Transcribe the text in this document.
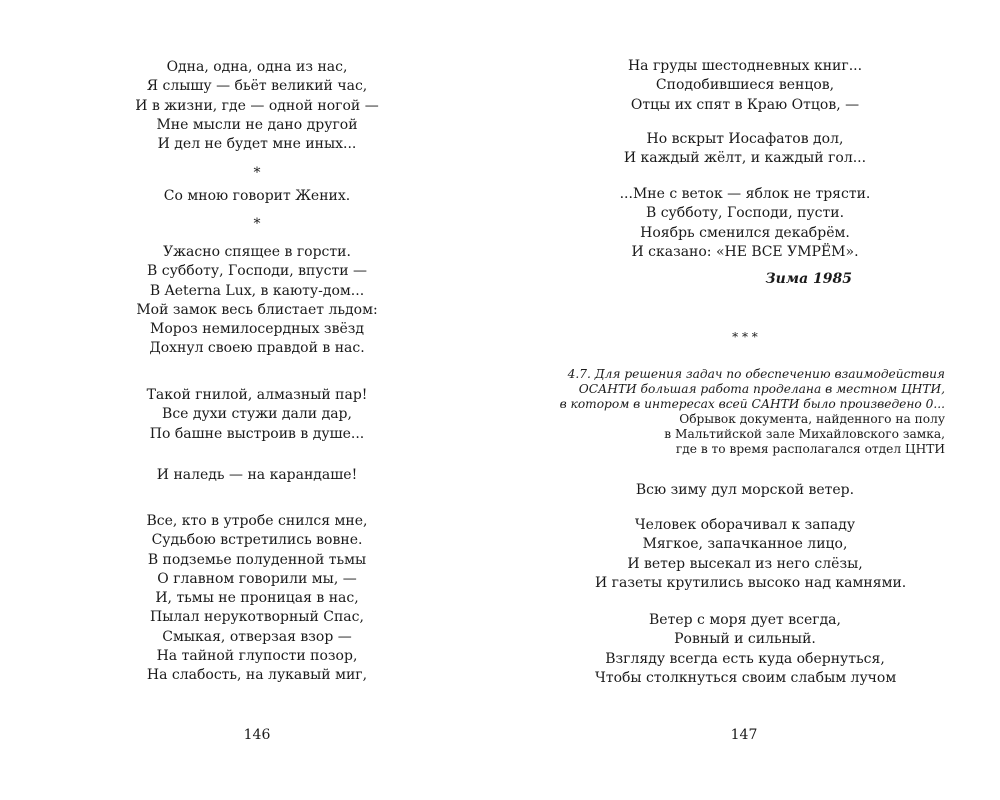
Одна, одна, одна из нас,
Я слышу — бьёт великий час,
И в жизни, где — одной ногой —
Мне мысли не дано другой
И дел не будет мне иных...
*
Со мною говорит Жених.
*
Ужасно спящее в горсти.
В субботу, Господи, впусти —
В Aeterna Lux, в каюту-дом...
Мой замок весь блистает льдом:
Мороз немилосердных звёзд
Дохнул своею правдой в нас.
Такой гнилой, алмазный пар!
Все духи стужи дали дар,
По башне выстроив в душе...
И наледь — на карандаше!
Все, кто в утробе снился мне,
Судьбою встретились вовне.
В подземье полуденной тьмы
О главном говорили мы, —
И, тьмы не проницая в нас,
Пылал нерукотворный Спас,
Смыкая, отверзая взор —
На тайной глупости позор,
На слабость, на лукавый миг,
146
На груды шестодневных книг...
Сподобившиеся венцов,
Отцы их спят в Краю Отцов, —
Но вскрыт Иосафатов дол,
И каждый жёлт, и каждый гол...
...Мне с веток — яблок не трясти.
В субботу, Господи, пусти.
Ноябрь сменился декабрём.
И сказано: «НЕ ВСЕ УМРЁМ».
Зима 1985
* * *
4.7. Для решения задач по обеспечению взаимодействия
ОСАНТИ большая работа проделана в местном ЦНТИ,
в котором в интересах всей САНТИ было произведено 0...
Обрывок документа, найденного на полу
в Мальтийской зале Михайловского замка,
где в то время располагался отдел ЦНТИ
Всю зиму дул морской ветер.
Человек оборачивал к западу
Мягкое, запачканное лицо,
И ветер высекал из него слёзы,
И газеты крутились высоко над камнями.
Ветер с моря дует всегда,
Ровный и сильный.
Взгляду всегда есть куда обернуться,
Чтобы столкнуться своим слабым лучом
147
